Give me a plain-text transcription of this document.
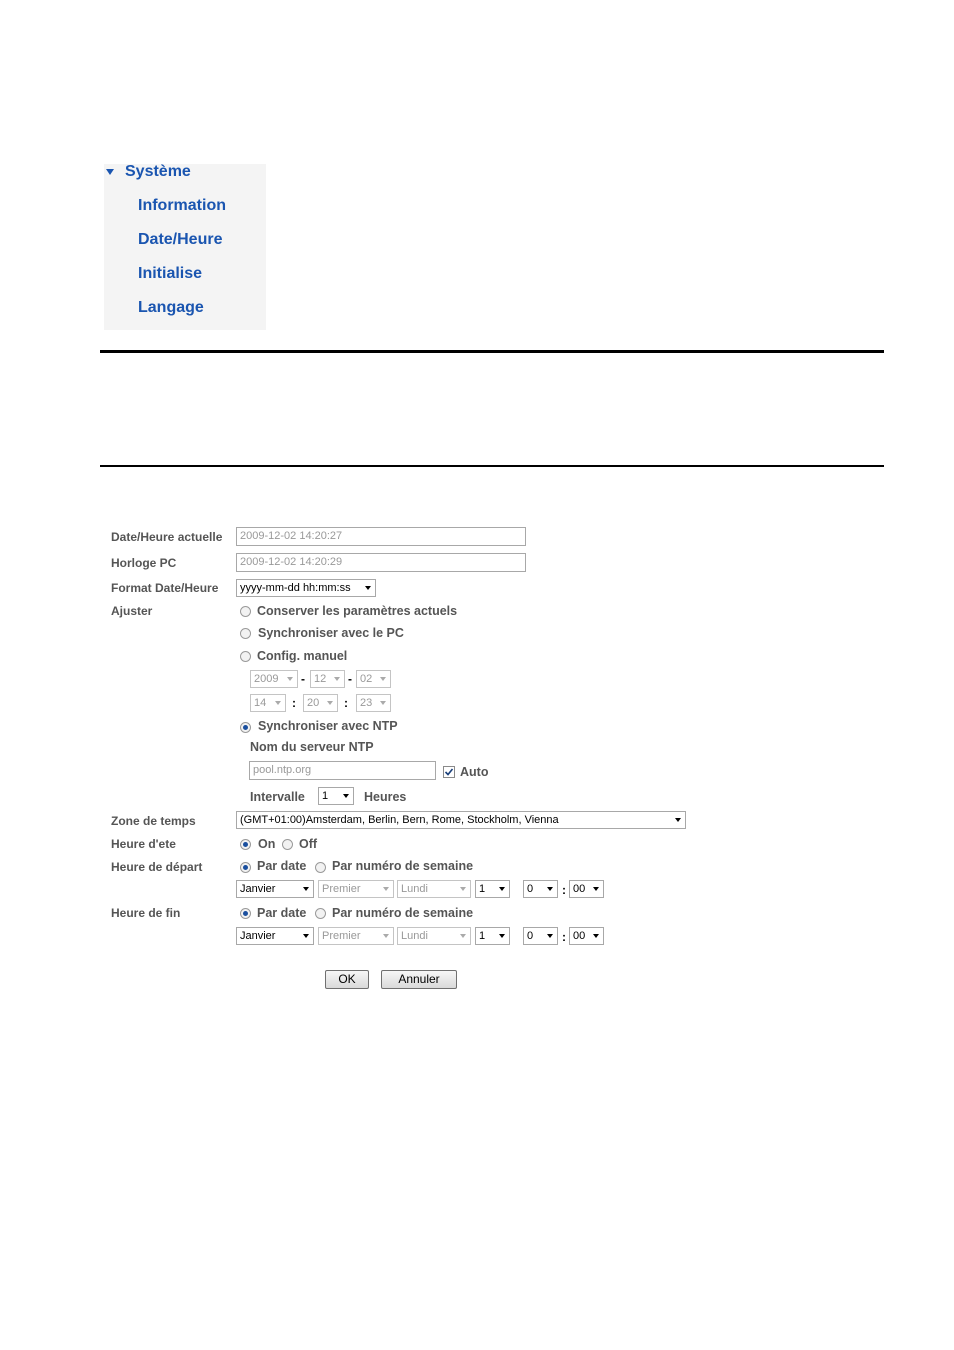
Système
Information
Date/Heure
Initialise
Langage
Date/Heure actuelle	2009-12-02 14:20:27
Horloge PC	2009-12-02 14:20:29
Format Date/Heure	yyyy-mm-dd hh:mm:ss
Ajuster	Conserver les paramètres actuels
Synchroniser avec le PC
Config. manuel
2009	- 12	- 02
14	:	20	:	23
Synchroniser avec NTP
Nom du serveur NTP
pool.ntp.org	Auto
Intervalle	1	Heures
Zone de temps	(GMT+01:00)Amsterdam, Berlin, Bern, Rome, Stockholm, Vienna
Heure d'ete	On Off
Heure de départ	Par date Par numéro de semaine
Janvier	Premier	Lundi	1	0	: 00
Heure de fin	Par date Par numéro de semaine
Janvier	Premier	Lundi	1	0	: 00
OK	Annuler
